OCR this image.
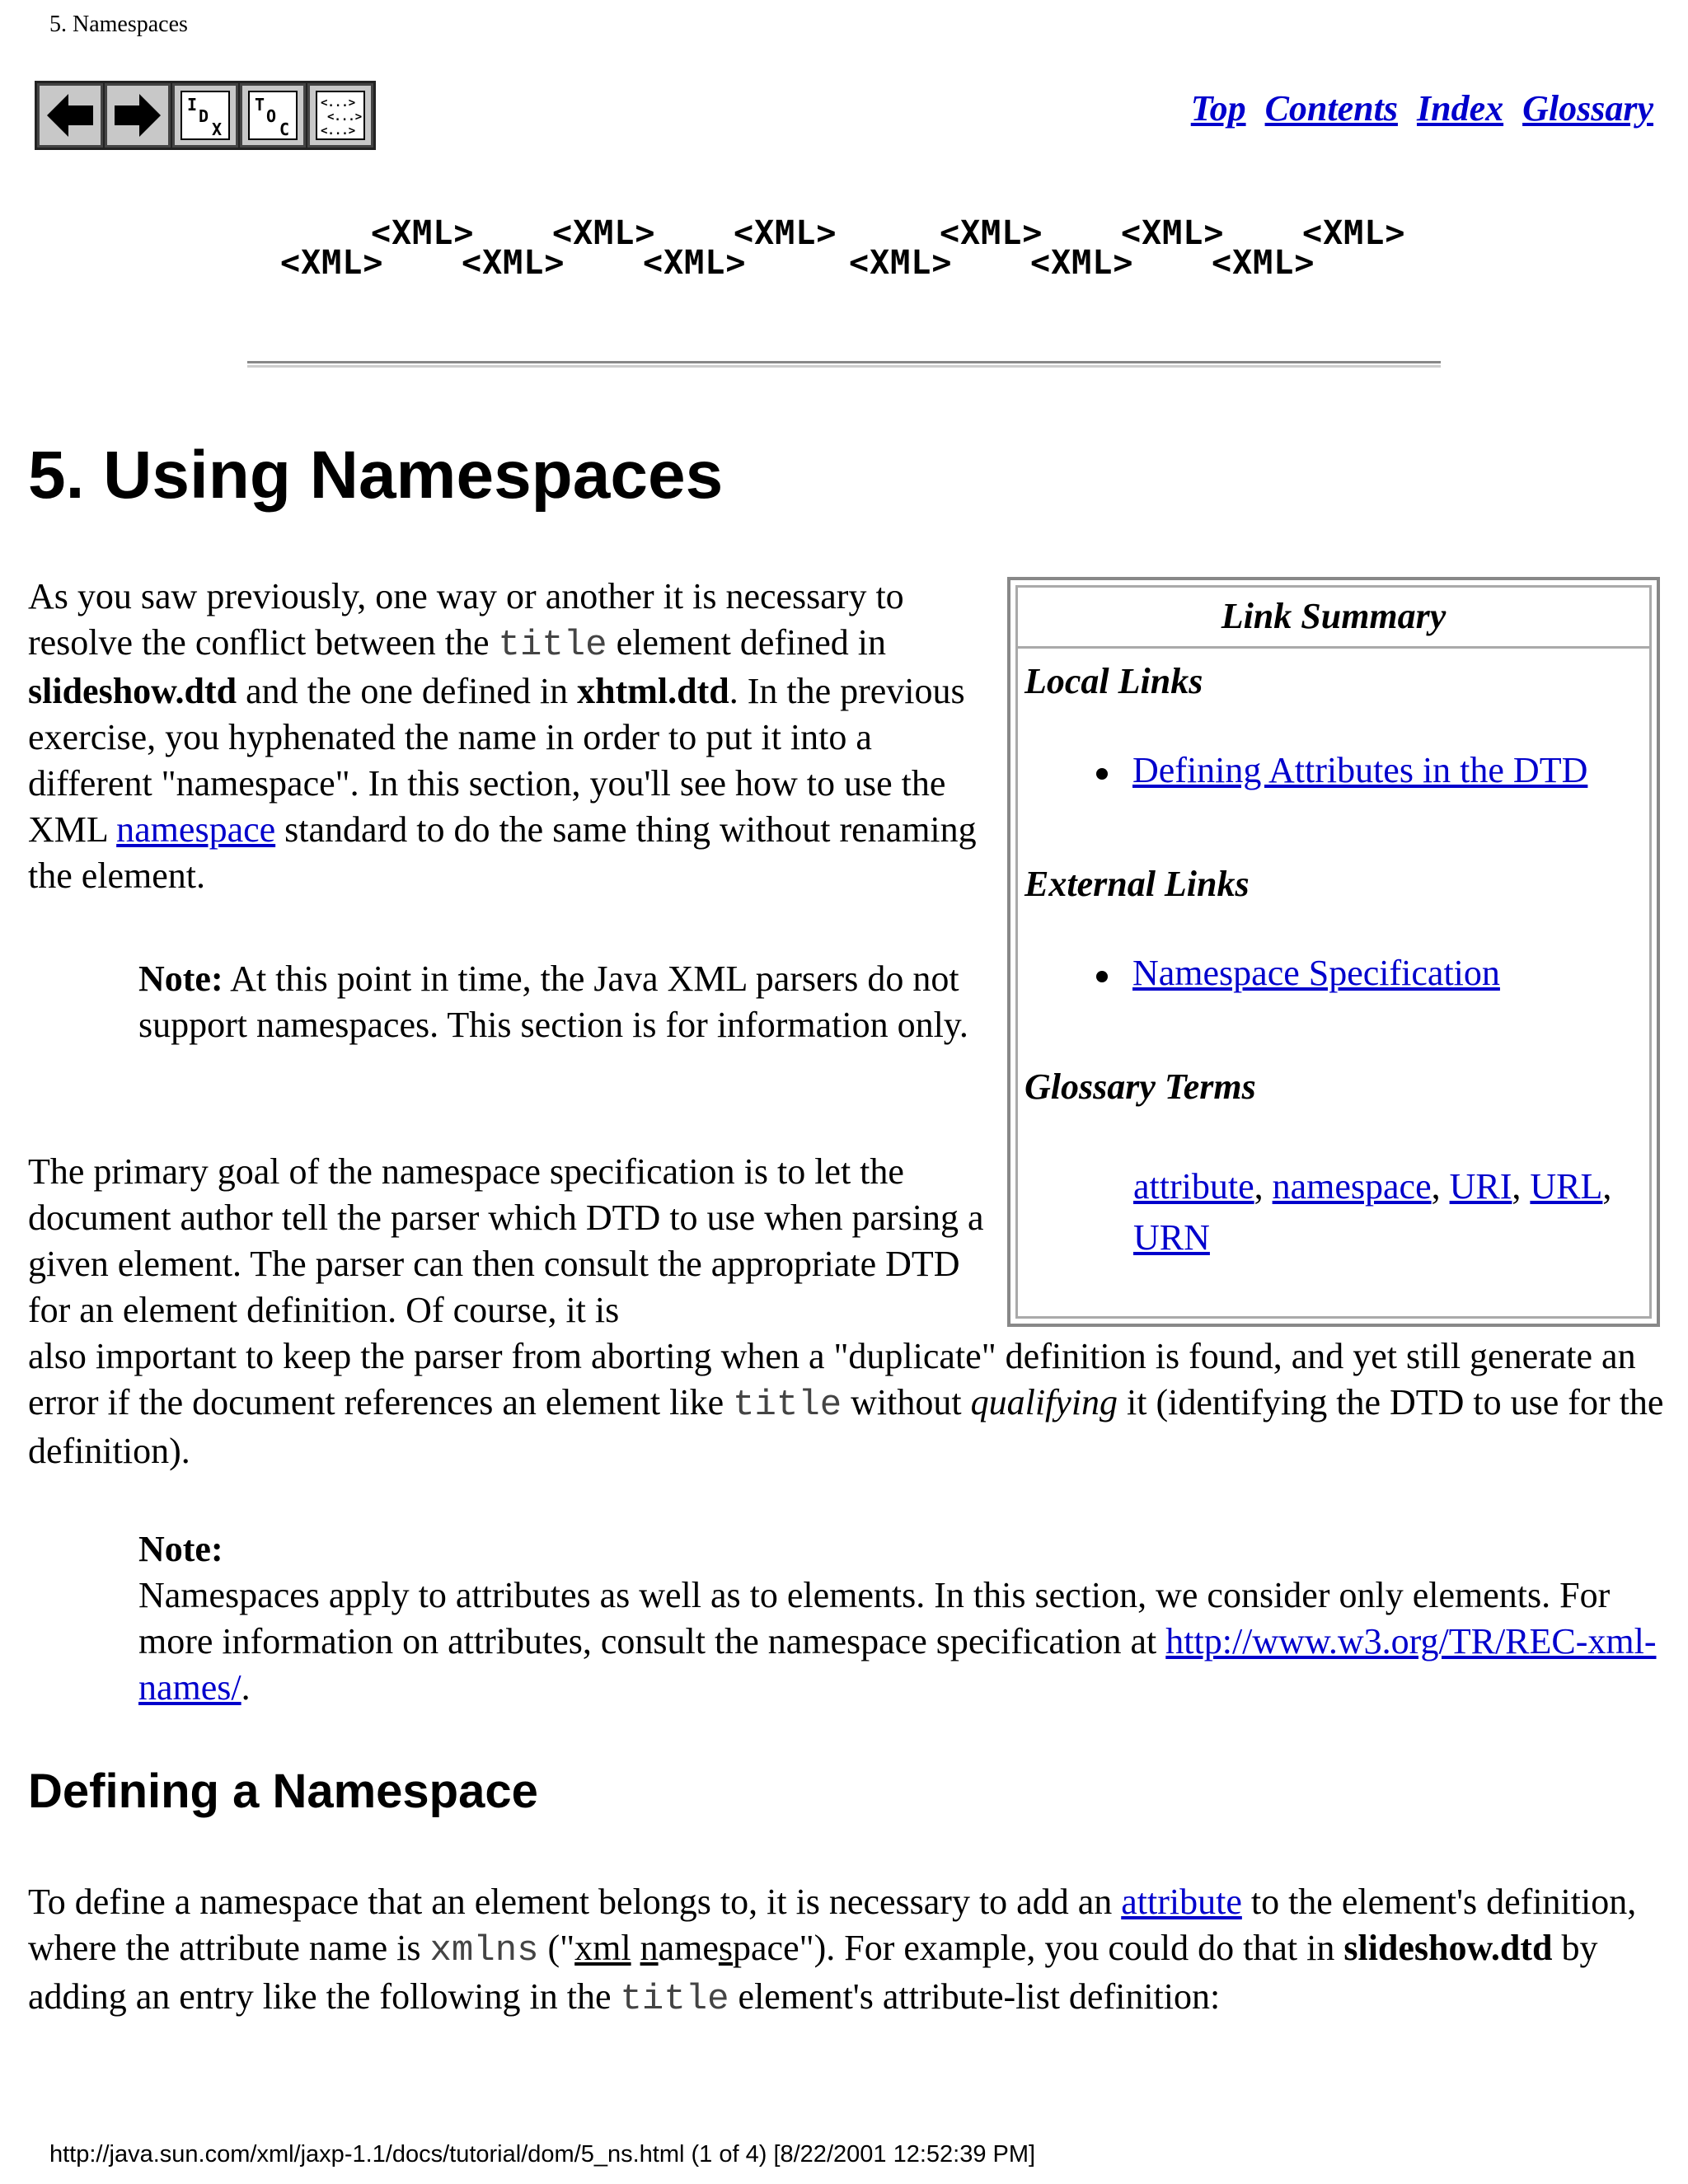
5. Namespaces
I
D
X
T
O
C
<...>
<...>
<...>
Top Contents Index Glossary
<XML>
<XML>
<XML>
<XML>
<XML>
<XML>
<XML>
<XML>
<XML>
<XML>
<XML>
<XML>
5. Using Namespaces
As you saw previously, one way or another it is necessary to resolve the conflict between the title element defined in slideshow.dtd and the one defined in xhtml.dtd. In the previous exercise, you hyphenated the name in order to put it into a different "namespace". In this section, you'll see how to use the XML namespace standard to do the same thing without renaming the element.
Note: At this point in time, the Java XML parsers do not support namespaces. This section is for information only.
The primary goal of the namespace specification is to let the document author tell the parser which DTD to use when parsing a given element. The parser can then consult the appropriate DTD for an element definition. Of course, it is
also important to keep the parser from aborting when a "duplicate" definition is found, and yet still generate an error if the document references an element like title without qualifying it (identifying the DTD to use for the definition).
Note:
Namespaces apply to attributes as well as to elements. In this section, we consider only elements. For more information on attributes, consult the namespace specification at http://www.w3.org/TR/REC-xml-names/.
Defining a Namespace
To define a namespace that an element belongs to, it is necessary to add an attribute to the element's definition, where the attribute name is xmlns ("xml namespace"). For example, you could do that in slideshow.dtd by adding an entry like the following in the title element's attribute-list definition:
Link Summary
Local Links
Defining Attributes in the DTD
External Links
Namespace Specification
Glossary Terms
attribute, namespace, URI, URL, URN
http://java.sun.com/xml/jaxp-1.1/docs/tutorial/dom/5_ns.html (1 of 4) [8/22/2001 12:52:39 PM]
